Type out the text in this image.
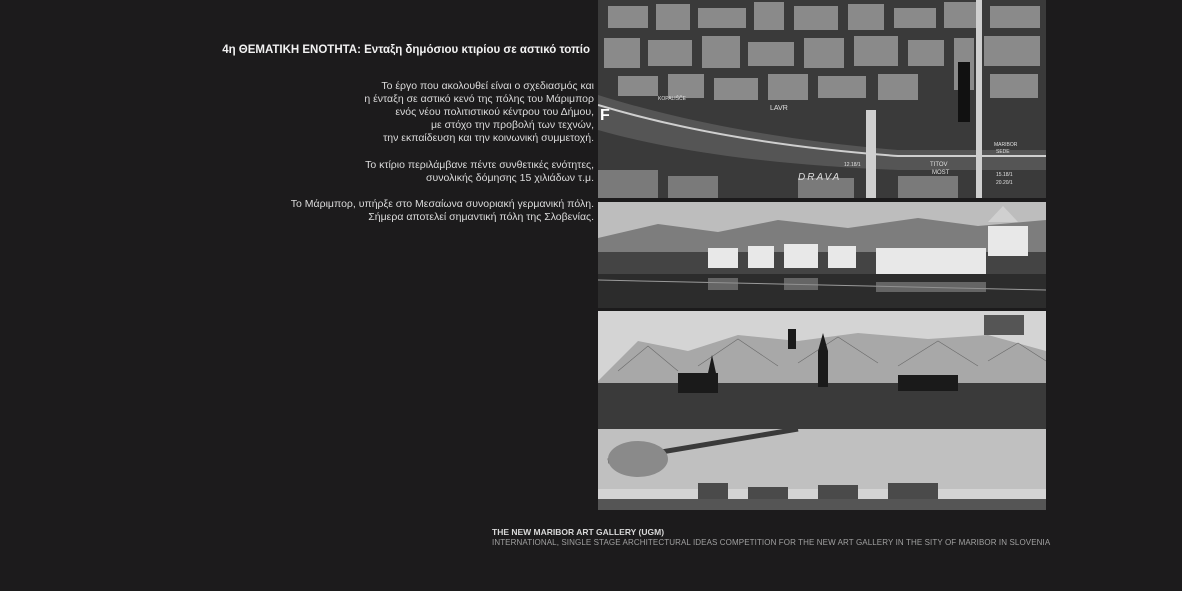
4η ΘΕΜΑΤΙΚΗ ΕΝΟΤΗΤΑ: Ενταξη δημόσιου κτιρίου σε αστικό τοπίο
Το έργο που ακολουθεί είναι ο σχεδιασμός και
η ένταξη σε αστικό κενό της πόλης του Μάριμπορ
ενός νέου πολιτιστικού κέντρου του Δήμου,
με στόχο την προβολή των τεχνών,
την εκπαίδευση και την κοινωνική συμμετοχή.
Το κτίριο περιλάμβανε πέντε συνθετικές ενότητες,
συνολικής δόμησης 15 χιλιάδων τ.μ.
Το Μάριμπορ, υπήρξε στο Μεσαίωνα συνοριακή γερμανική πόλη.
Σήμερα αποτελεί σημαντική πόλη της Σλοβενίας.
F
DRAVA
TITOV
MOST
MARIBOR
SEDE
LAVR
KOPALIŠČE
12.18/1
15.18/1
20.20/1
THE NEW MARIBOR ART GALLERY (UGM)
INTERNATIONAL, SINGLE STAGE ARCHITECTURAL IDEAS COMPETITION FOR THE NEW ART GALLERY IN THE SITY OF MARIBOR IN SLOVENIA
